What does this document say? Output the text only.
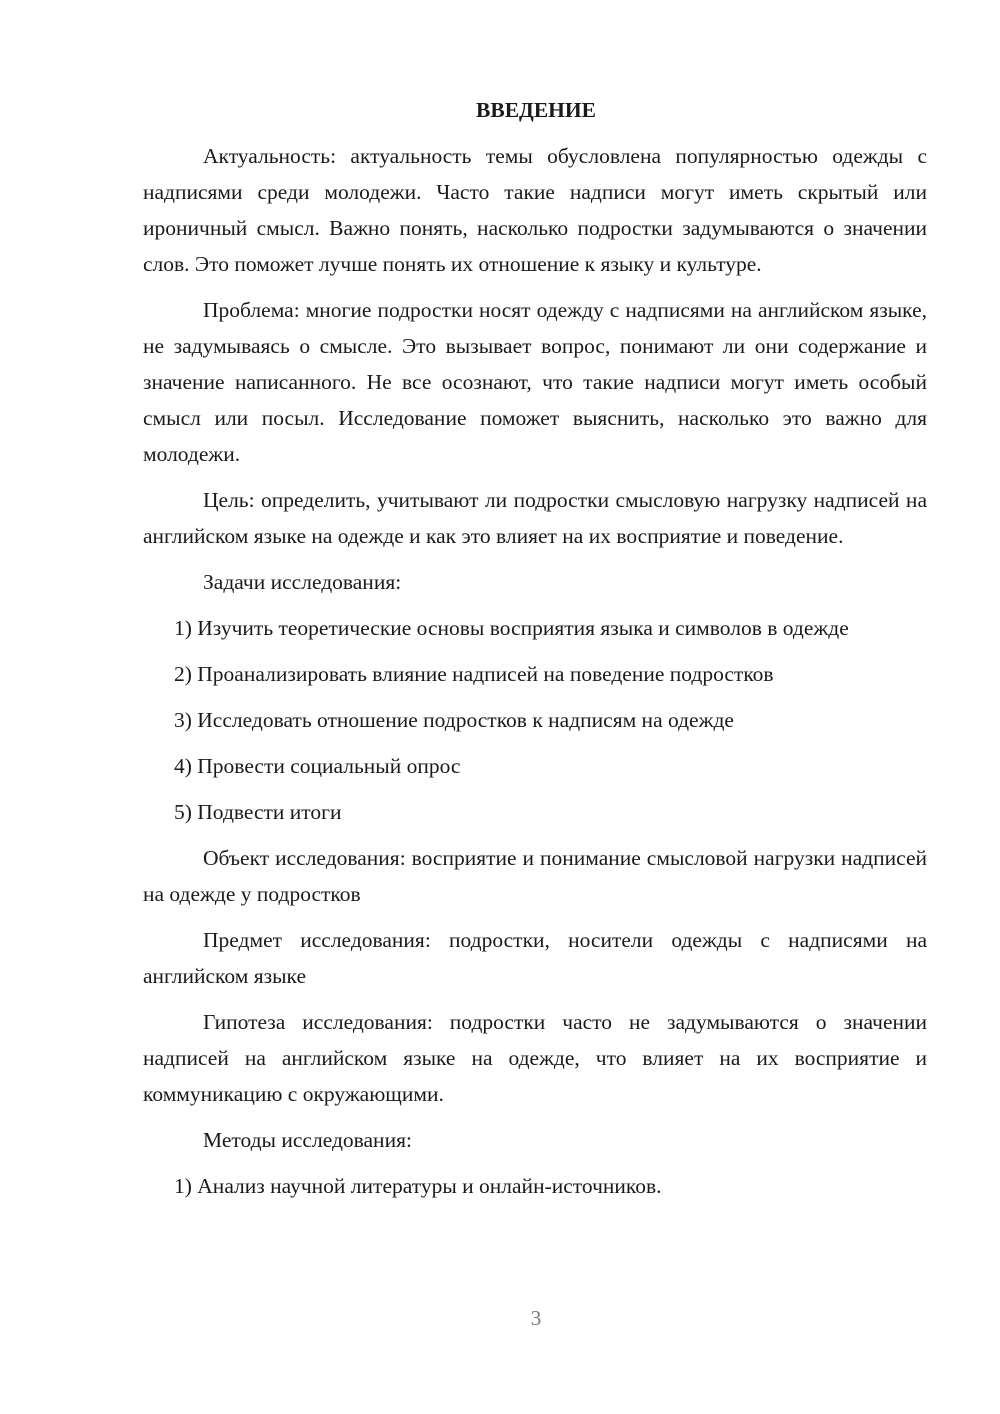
ВВЕДЕНИЕ

Актуальность: актуальность темы обусловлена популярностью одежды с надписями среди молодежи. Часто такие надписи могут иметь скрытый или ироничный смысл. Важно понять, насколько подростки задумываются о значении слов. Это поможет лучше понять их отношение к языку и культуре.

Проблема: многие подростки носят одежду с надписями на английском языке, не задумываясь о смысле. Это вызывает вопрос, понимают ли они содержание и значение написанного. Не все осознают, что такие надписи могут иметь особый смысл или посыл. Исследование поможет выяснить, насколько это важно для молодежи.

Цель: определить, учитывают ли подростки смысловую нагрузку надписей на английском языке на одежде и как это влияет на их восприятие и поведение.

Задачи исследования:

1) Изучить теоретические основы восприятия языка и символов в одежде

2) Проанализировать влияние надписей на поведение подростков

3) Исследовать отношение подростков к надписям на одежде

4) Провести социальный опрос

5) Подвести итоги

Объект исследования: восприятие и понимание смысловой нагрузки надписей на одежде у подростков

Предмет исследования: подростки, носители одежды с надписями на английском языке

Гипотеза исследования: подростки часто не задумываются о значении надписей на английском языке на одежде, что влияет на их восприятие и коммуникацию с окружающими.

Методы исследования:

1) Анализ научной литературы и онлайн-источников.

3
